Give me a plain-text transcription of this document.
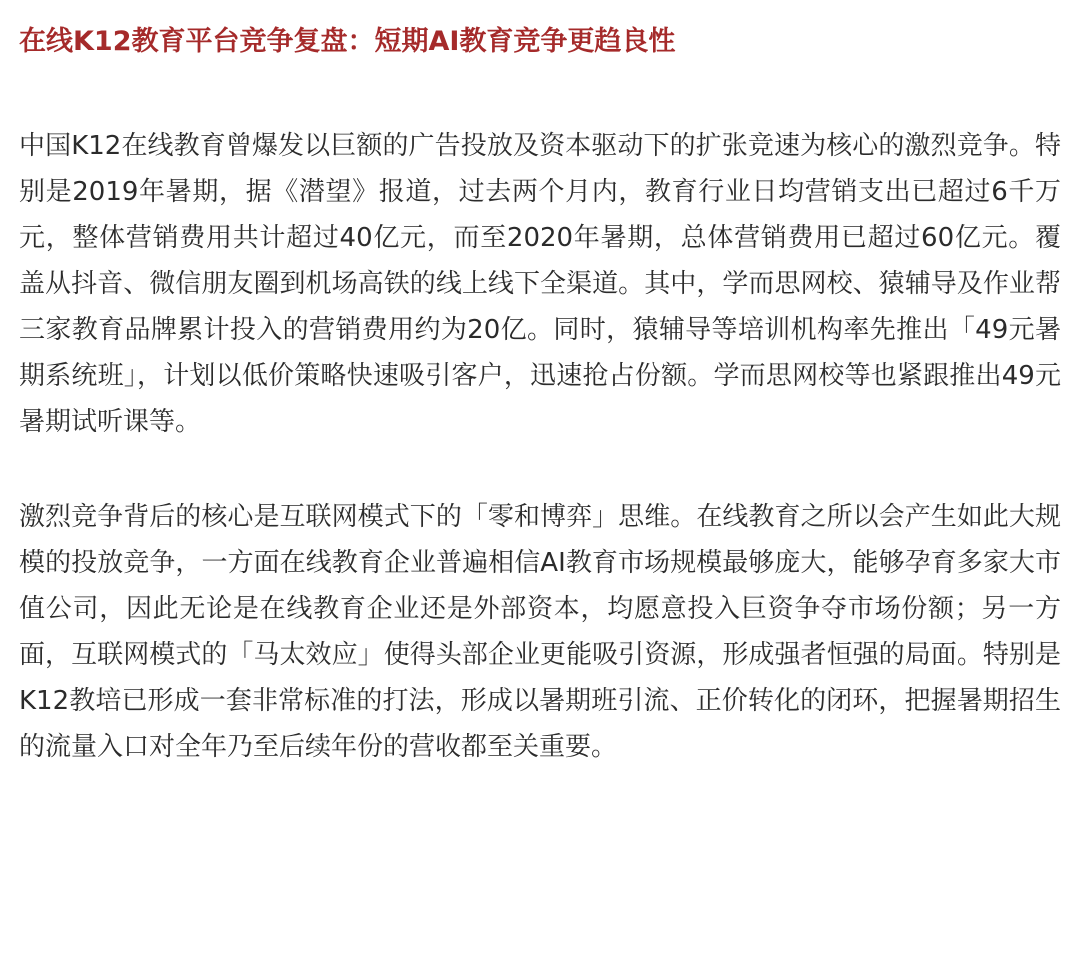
在线K12教育平台竞争复盘：短期AI教育竞争更趋良性

中国K12在线教育曾爆发以巨额的广告投放及资本驱动下的扩张竞速为核心的激烈竞争。特别是2019年暑期，据《潜望》报道，过去两个月内，教育行业日均营销支出已超过6千万元，整体营销费用共计超过40亿元，而至2020年暑期，总体营销费用已超过60亿元。覆盖从抖音、微信朋友圈到机场高铁的线上线下全渠道。其中，学而思网校、猿辅导及作业帮三家教育品牌累计投入的营销费用约为20亿。同时，猿辅导等培训机构率先推出「49元暑期系统班」，计划以低价策略快速吸引客户，迅速抢占份额。学而思网校等也紧跟推出49元暑期试听课等。

激烈竞争背后的核心是互联网模式下的「零和博弈」思维。在线教育之所以会产生如此大规模的投放竞争，一方面在线教育企业普遍相信AI教育市场规模最够庞大，能够孕育多家大市值公司，因此无论是在线教育企业还是外部资本，均愿意投入巨资争夺市场份额；另一方面，互联网模式的「马太效应」使得头部企业更能吸引资源，形成强者恒强的局面。特别是K12教培已形成一套非常标准的打法，形成以暑期班引流、正价转化的闭环，把握暑期招生的流量入口对全年乃至后续年份的营收都至关重要。
